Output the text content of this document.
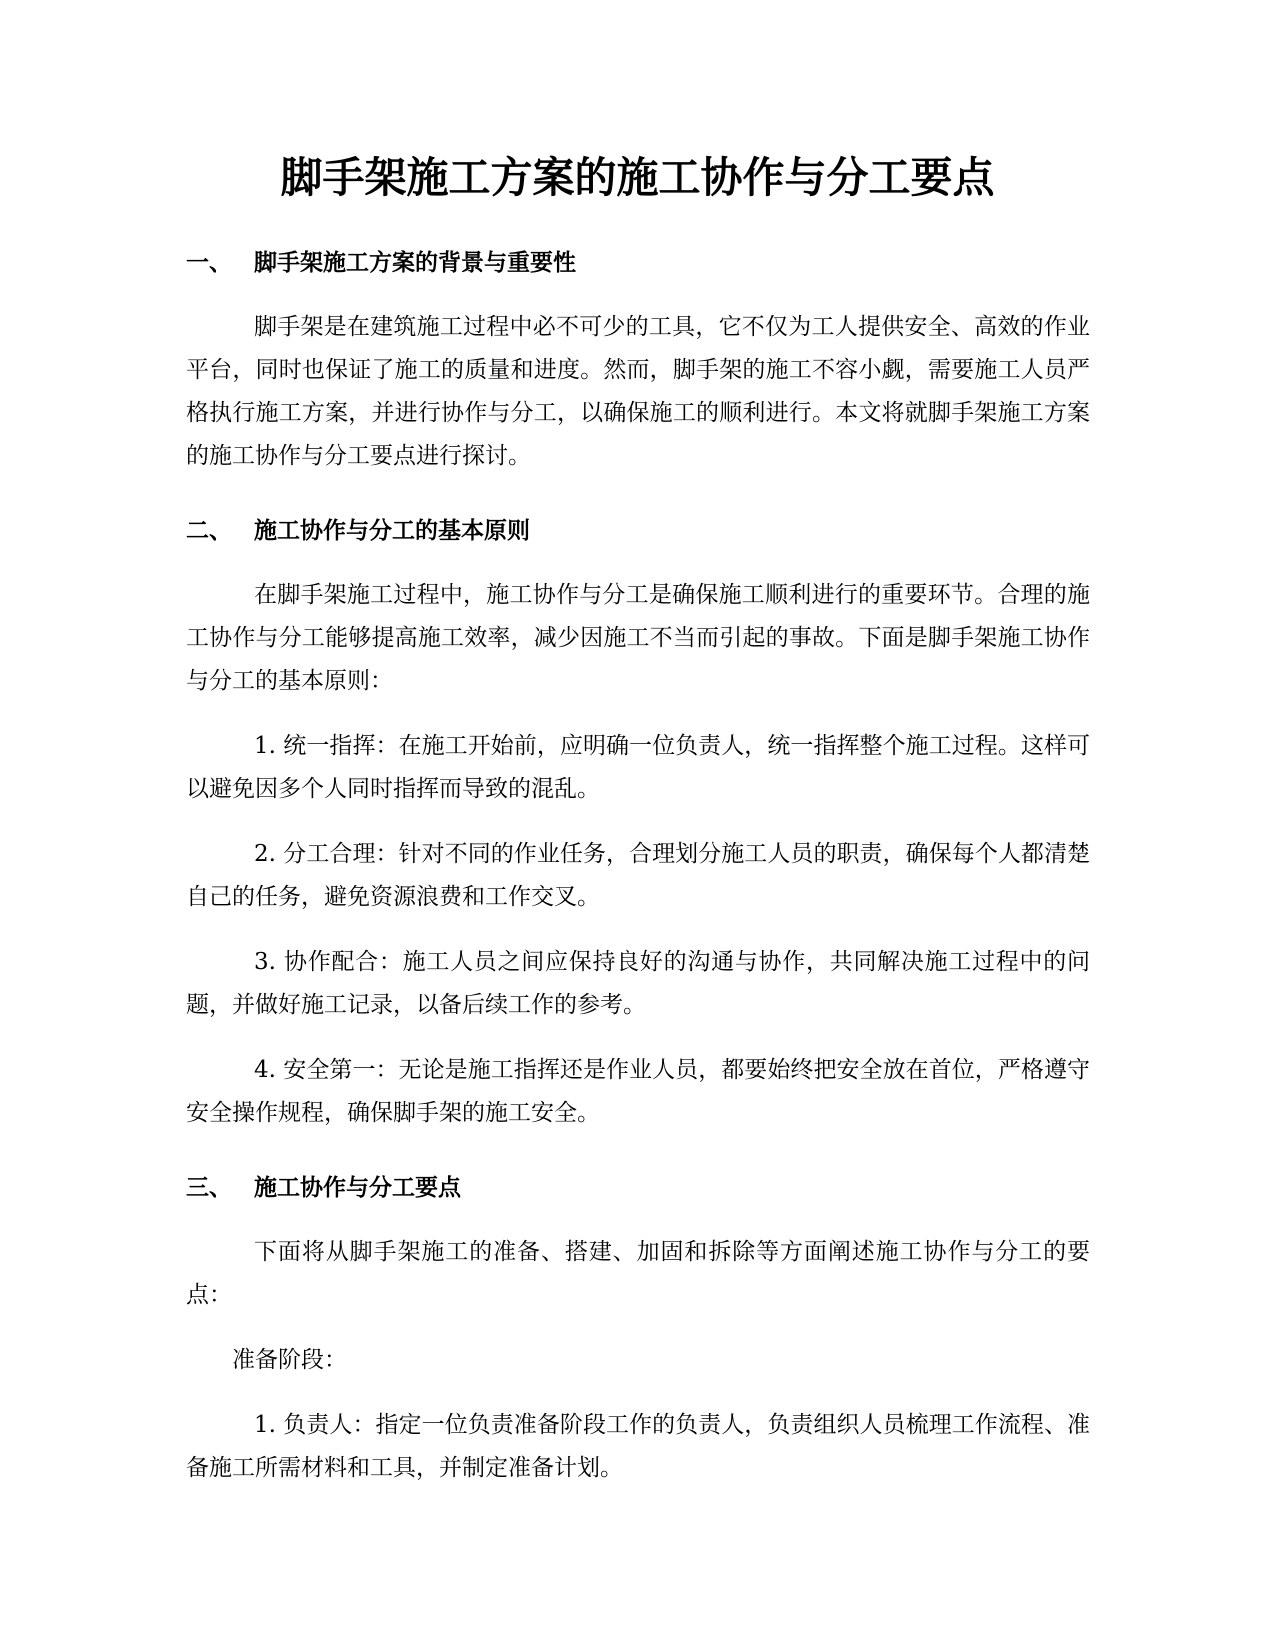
脚手架施工方案的施工协作与分工要点
一、 脚手架施工方案的背景与重要性

脚手架是在建筑施工过程中必不可少的工具，它不仅为工人提供安全、高效的作业平台，同时也保证了施工的质量和进度。然而，脚手架的施工不容小觑，需要施工人员严格执行施工方案，并进行协作与分工，以确保施工的顺利进行。本文将就脚手架施工方案的施工协作与分工要点进行探讨。

二、 施工协作与分工的基本原则

在脚手架施工过程中，施工协作与分工是确保施工顺利进行的重要环节。合理的施工协作与分工能够提高施工效率，减少因施工不当而引起的事故。下面是脚手架施工协作与分工的基本原则：

1. 统一指挥：在施工开始前，应明确一位负责人，统一指挥整个施工过程。这样可以避免因多个人同时指挥而导致的混乱。

2. 分工合理：针对不同的作业任务，合理划分施工人员的职责，确保每个人都清楚自己的任务，避免资源浪费和工作交叉。

3. 协作配合：施工人员之间应保持良好的沟通与协作，共同解决施工过程中的问题，并做好施工记录，以备后续工作的参考。

4. 安全第一：无论是施工指挥还是作业人员，都要始终把安全放在首位，严格遵守安全操作规程，确保脚手架的施工安全。

三、 施工协作与分工要点

下面将从脚手架施工的准备、搭建、加固和拆除等方面阐述施工协作与分工的要点：

准备阶段：

1. 负责人：指定一位负责准备阶段工作的负责人，负责组织人员梳理工作流程、准备施工所需材料和工具，并制定准备计划。
